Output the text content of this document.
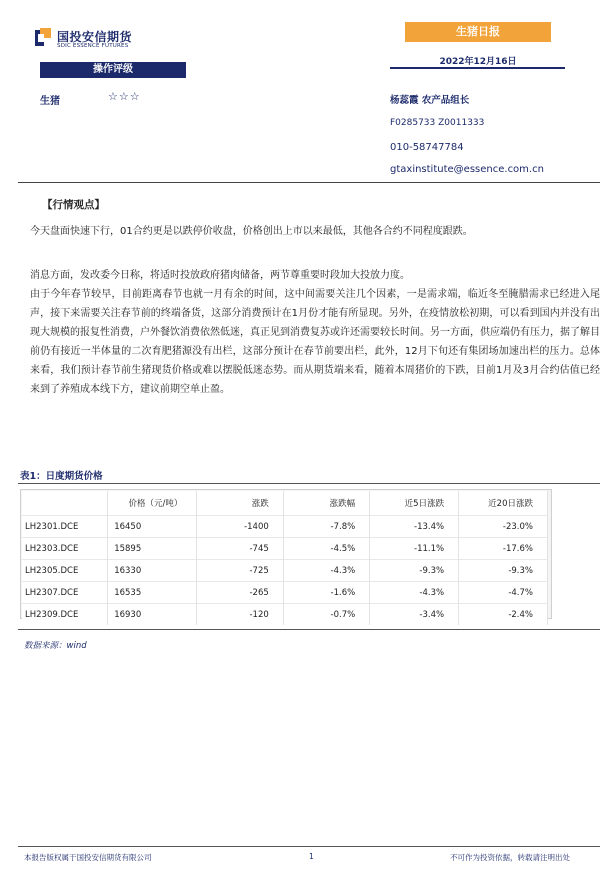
国投安信期货
SDIC ESSENCE FUTURES
生猪日报
2022年12月16日
操作评级
生猪	☆☆☆	杨蕊霞 农产品组长
F0285733 Z0011333
010-58747784
gtaxinstitute@essence.com.cn
【行情观点】
今天盘面快速下行，01合约更是以跌停价收盘，价格创出上市以来最低，其他各合约不同程度跟跌。
消息方面，发改委今日称，将适时投放政府猪肉储备，两节尊重要时段加大投放力度。
由于今年春节较早，目前距离春节也就一月有余的时间，这中间需要关注几个因素，一是需求端，临近冬至腌腊需求已经进入尾声，接下来需要关注春节前的终端备货，这部分消费预计在1月份才能有所显现。另外，在疫情放松初期，可以看到国内并没有出现大规模的报复性消费，户外餐饮消费依然低迷，真正见到消费复苏或许还需要较长时间。另一方面，供应端仍有压力，据了解目前仍有接近一半体量的二次育肥猪源没有出栏，这部分预计在春节前要出栏，此外，12月下旬还有集团场加速出栏的压力。总体来看，我们预计春节前生猪现货价格或难以摆脱低迷态势。而从期货端来看，随着本周猪价的下跌，目前1月及3月合约估值已经来到了养殖成本线下方，建议前期空单止盈。
表1：日度期货价格
	价格（元/吨）	涨跌	涨跌幅	近5日涨跌	近20日涨跌
LH2301.DCE	16450	-1400	-7.8%	-13.4%	-23.0%
LH2303.DCE	15895	-745	-4.5%	-11.1%	-17.6%
LH2305.DCE	16330	-725	-4.3%	-9.3%	-9.3%
LH2307.DCE	16535	-265	-1.6%	-4.3%	-4.7%
LH2309.DCE	16930	-120	-0.7%	-3.4%	-2.4%
数据来源：wind
本报告版权属于国投安信期货有限公司	1	不可作为投资依据，转载请注明出处
